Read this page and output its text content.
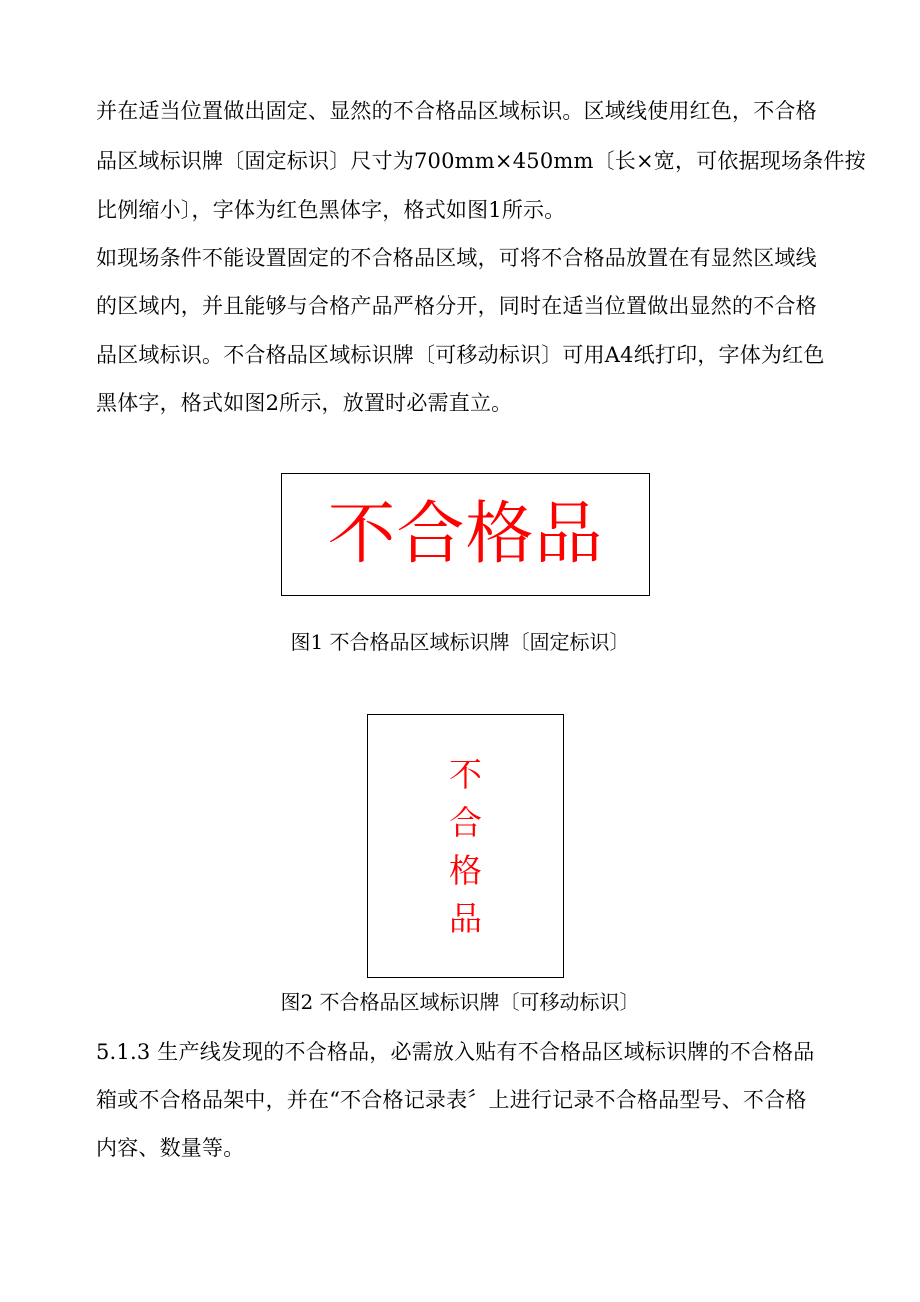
并在适当位置做出固定、显然的不合格品区域标识。区域线使用红色，不合格
品区域标识牌〔固定标识〕尺寸为700mm×450mm〔长×宽，可依据现场条件按
比例缩小〕，字体为红色黑体字，格式如图1所示。
如现场条件不能设置固定的不合格品区域，可将不合格品放置在有显然区域线
的区域内，并且能够与合格产品严格分开，同时在适当位置做出显然的不合格
品区域标识。不合格品区域标识牌〔可移动标识〕可用A4纸打印，字体为红色
黑体字，格式如图2所示，放置时必需直立。
不合格品
图1 不合格品区域标识牌〔固定标识〕
不
合
格
品
图2 不合格品区域标识牌〔可移动标识〕
5.1.3 生产线发现的不合格品，必需放入贴有不合格品区域标识牌的不合格品
箱或不合格品架中，并在“不合格记录表〞上进行记录不合格品型号、不合格
内容、数量等。
